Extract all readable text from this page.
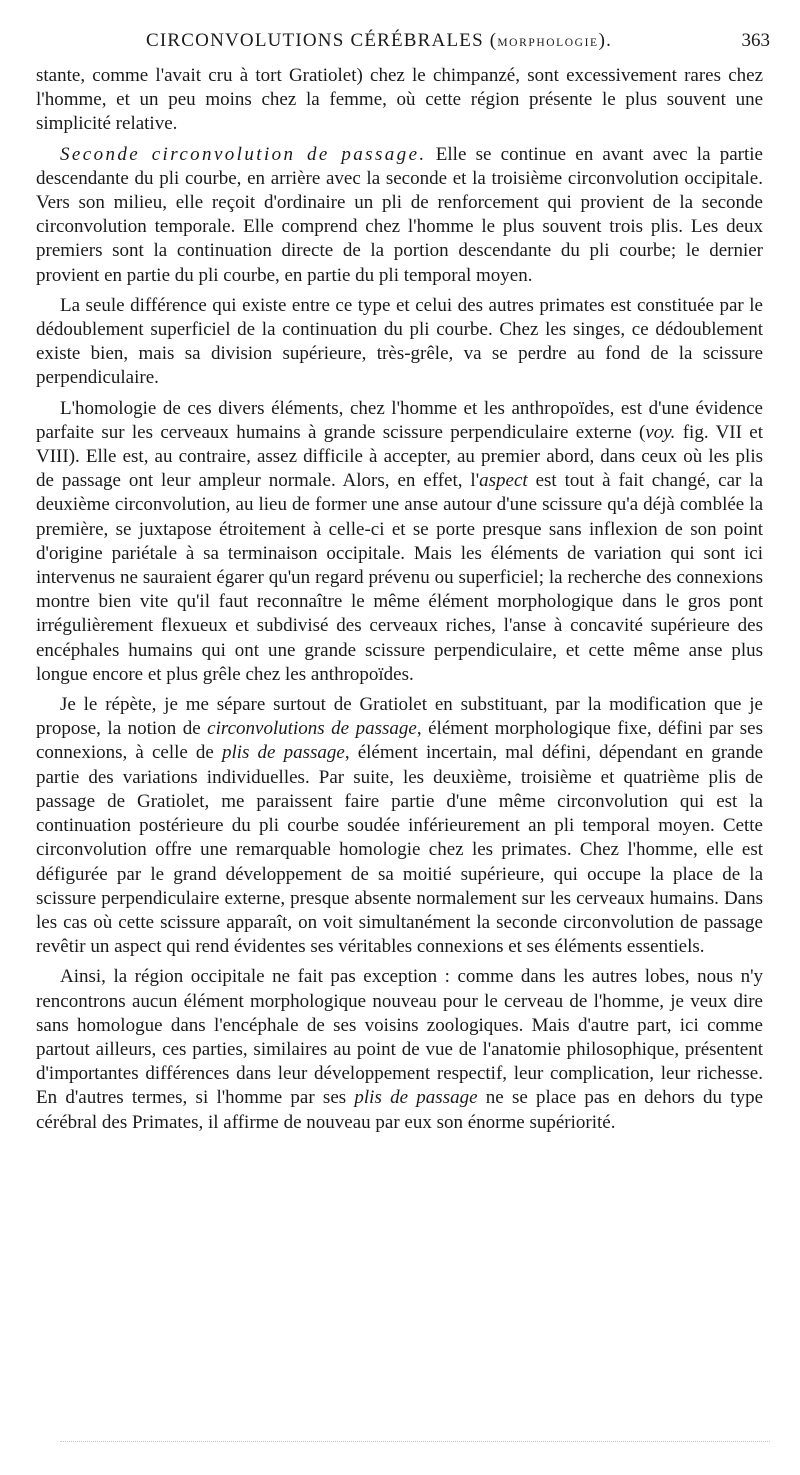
CIRCONVOLUTIONS CÉRÉBRALES (MORPHOLOGIE).	363

stante, comme l'avait cru à tort Gratiolet) chez le chimpanzé, sont excessivement rares chez l'homme, et un peu moins chez la femme, où cette région présente le plus souvent une simplicité relative.

Seconde circonvolution de passage. Elle se continue en avant avec la partie descendante du pli courbe, en arrière avec la seconde et la troisième circonvolution occipitale. Vers son milieu, elle reçoit d'ordinaire un pli de renforcement qui provient de la seconde circonvolution temporale. Elle comprend chez l'homme le plus souvent trois plis. Les deux premiers sont la continuation directe de la portion descendante du pli courbe; le dernier provient en partie du pli courbe, en partie du pli temporal moyen.

La seule différence qui existe entre ce type et celui des autres primates est constituée par le dédoublement superficiel de la continuation du pli courbe. Chez les singes, ce dédoublement existe bien, mais sa division supérieure, très-grêle, va se perdre au fond de la scissure perpendiculaire.

L'homologie de ces divers éléments, chez l'homme et les anthropoïdes, est d'une évidence parfaite sur les cerveaux humains à grande scissure perpendiculaire externe (voy. fig. VII et VIII). Elle est, au contraire, assez difficile à accepter, au premier abord, dans ceux où les plis de passage ont leur ampleur normale. Alors, en effet, l'aspect est tout à fait changé, car la deuxième circonvolution, au lieu de former une anse autour d'une scissure qu'a déjà comblée la première, se juxtapose étroitement à celle-ci et se porte presque sans inflexion de son point d'origine pariétale à sa terminaison occipitale. Mais les éléments de variation qui sont ici intervenus ne sauraient égarer qu'un regard prévenu ou superficiel; la recherche des connexions montre bien vite qu'il faut reconnaître le même élément morphologique dans le gros pont irrégulièrement flexueux et subdivisé des cerveaux riches, l'anse à concavité supérieure des encéphales humains qui ont une grande scissure perpendiculaire, et cette même anse plus longue encore et plus grêle chez les anthropoïdes.

Je le répète, je me sépare surtout de Gratiolet en substituant, par la modification que je propose, la notion de circonvolutions de passage, élément morphologique fixe, défini par ses connexions, à celle de plis de passage, élément incertain, mal défini, dépendant en grande partie des variations individuelles. Par suite, les deuxième, troisième et quatrième plis de passage de Gratiolet, me paraissent faire partie d'une même circonvolution qui est la continuation postérieure du pli courbe soudée inférieurement an pli temporal moyen. Cette circonvolution offre une remarquable homologie chez les primates. Chez l'homme, elle est défigurée par le grand développement de sa moitié supérieure, qui occupe la place de la scissure perpendiculaire externe, presque absente normalement sur les cerveaux humains. Dans les cas où cette scissure apparaît, on voit simultanément la seconde circonvolution de passage revêtir un aspect qui rend évidentes ses véritables connexions et ses éléments essentiels.

Ainsi, la région occipitale ne fait pas exception : comme dans les autres lobes, nous n'y rencontrons aucun élément morphologique nouveau pour le cerveau de l'homme, je veux dire sans homologue dans l'encéphale de ses voisins zoologiques. Mais d'autre part, ici comme partout ailleurs, ces parties, similaires au point de vue de l'anatomie philosophique, présentent d'importantes différences dans leur développement respectif, leur complication, leur richesse. En d'autres termes, si l'homme par ses plis de passage ne se place pas en dehors du type cérébral des Primates, il affirme de nouveau par eux son énorme supériorité.
